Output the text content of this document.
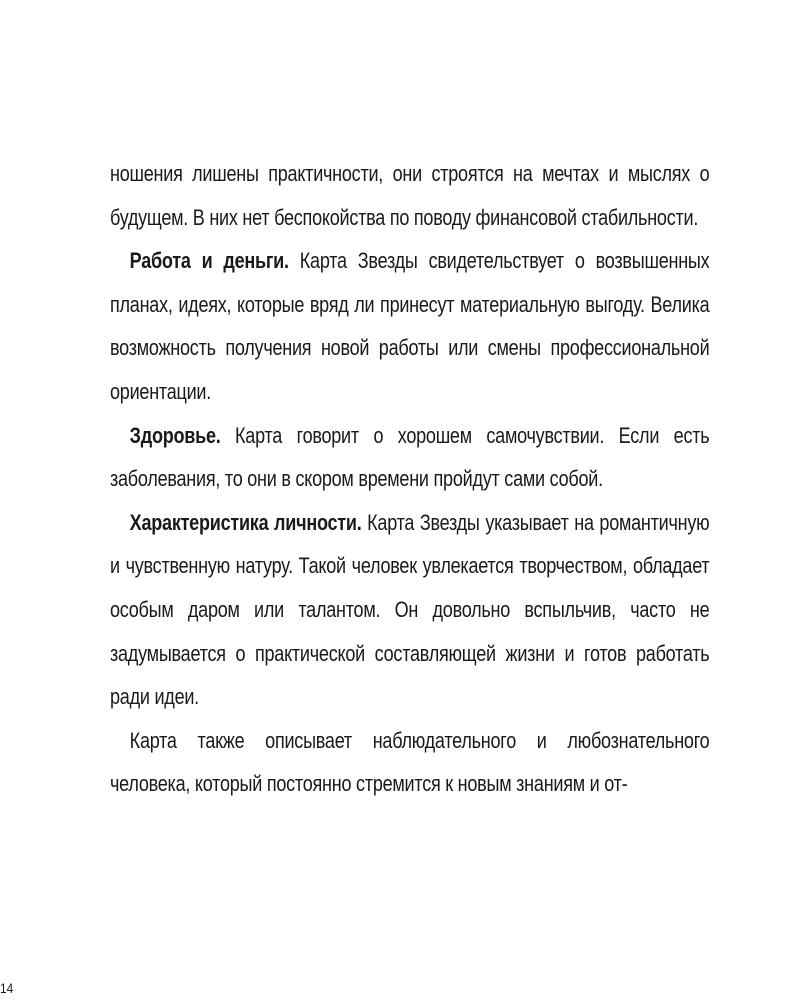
ношения лишены практичности, они строятся на мечтах и мыслях о будущем. В них нет беспокойства по поводу финансовой стабильности.

Работа и деньги. Карта Звезды свидетельствует о возвышенных планах, идеях, которые вряд ли принесут материальную выгоду. Велика возможность получения новой работы или смены профессиональной ориентации.

Здоровье. Карта говорит о хорошем самочувствии. Если есть заболевания, то они в скором времени пройдут сами собой.

Характеристика личности. Карта Звезды указывает на романтичную и чувственную натуру. Такой человек увлекается творчеством, обладает особым даром или талантом. Он довольно вспыльчив, часто не задумывается о практической составляющей жизни и готов работать ради идеи.

Карта также описывает наблюдательного и любознательного человека, который постоянно стремится к новым знаниям и от-

14
